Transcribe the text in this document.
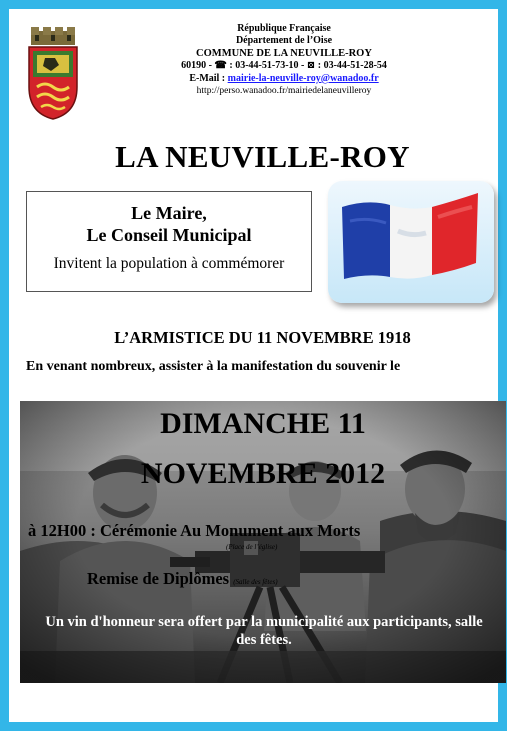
République Française
Département de l’Oise
COMMUNE DE LA NEUVILLE-ROY
60190 - ☎ : 03-44-51-73-10 - ⊠ : 03-44-51-28-54
E-Mail : mairie-la-neuville-roy@wanadoo.fr
http://perso.wanadoo.fr/mairiedelaneuvilleroy
LA NEUVILLE-ROY
Le Maire,
Le Conseil Municipal
Invitent la population à commémorer
L’ARMISTICE DU 11 NOVEMBRE 1918
En venant nombreux, assister à la manifestation du souvenir le
DIMANCHE 11
NOVEMBRE 2012
à 12H00 : Cérémonie Au Monument aux Morts
(Place de l’église)
Remise de Diplômes (Salle des fêtes)
Un vin d'honneur sera offert par la municipalité aux participants, salle des fêtes.
